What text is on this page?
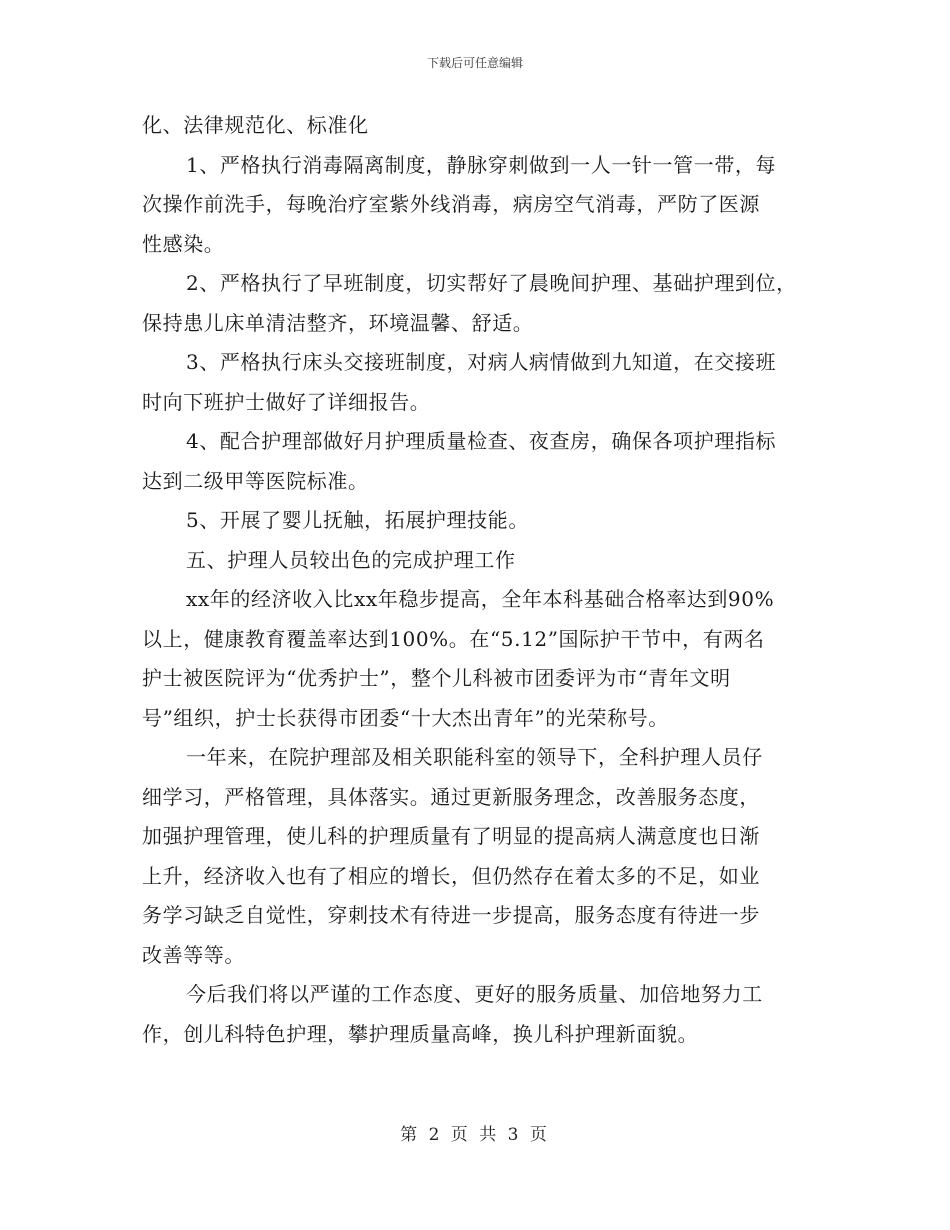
下载后可任意编辑
化、法律规范化、标准化
1、严格执行消毒隔离制度，静脉穿刺做到一人一针一管一带，每
次操作前洗手，每晚治疗室紫外线消毒，病房空气消毒，严防了医源
性感染。
2、严格执行了早班制度，切实帮好了晨晚间护理、基础护理到位，
保持患儿床单清洁整齐，环境温馨、舒适。
3、严格执行床头交接班制度，对病人病情做到九知道，在交接班
时向下班护士做好了详细报告。
4、配合护理部做好月护理质量检查、夜查房，确保各项护理指标
达到二级甲等医院标准。
5、开展了婴儿抚触，拓展护理技能。
五、护理人员较出色的完成护理工作
xx年的经济收入比xx年稳步提高，全年本科基础合格率达到90%
以上，健康教育覆盖率达到100%。在“5.12”国际护干节中，有两名
护士被医院评为“优秀护士”，整个儿科被市团委评为市“青年文明
号”组织，护士长获得市团委“十大杰出青年”的光荣称号。
一年来，在院护理部及相关职能科室的领导下，全科护理人员仔
细学习，严格管理，具体落实。通过更新服务理念，改善服务态度，
加强护理管理，使儿科的护理质量有了明显的提高病人满意度也日渐
上升，经济收入也有了相应的增长，但仍然存在着太多的不足，如业
务学习缺乏自觉性，穿刺技术有待进一步提高，服务态度有待进一步
改善等等。
今后我们将以严谨的工作态度、更好的服务质量、加倍地努力工
作，创儿科特色护理，攀护理质量高峰，换儿科护理新面貌。
第 2 页 共 3 页
